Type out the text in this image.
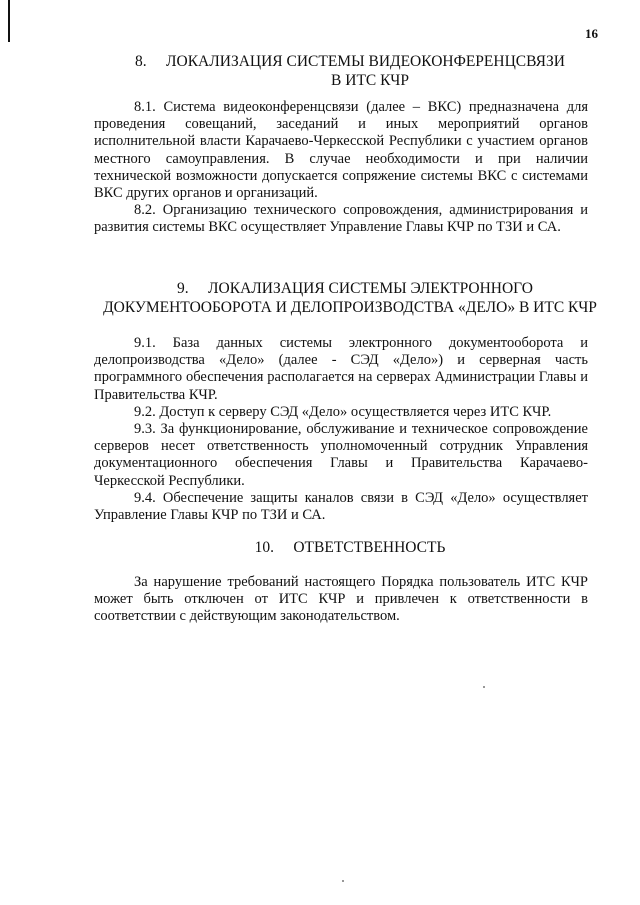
16
8.     ЛОКАЛИЗАЦИЯ СИСТЕМЫ ВИДЕОКОНФЕРЕНЦСВЯЗИ
В ИТС КЧР

8.1. Система видеоконференцсвязи (далее – ВКС) предназначена для проведения совещаний, заседаний и иных мероприятий органов исполнительной власти Карачаево-Черкесской Республики с участием органов местного самоуправления. В случае необходимости и при наличии технической возможности допускается сопряжение системы ВКС с системами ВКС других органов и организаций.

8.2. Организацию технического сопровождения, администрирования и развития системы ВКС осуществляет Управление Главы КЧР по ТЗИ и СА.

9.     ЛОКАЛИЗАЦИЯ СИСТЕМЫ ЭЛЕКТРОННОГО
ДОКУМЕНТООБОРОТА И ДЕЛОПРОИЗВОДСТВА «ДЕЛО» В ИТС КЧР

9.1. База данных системы электронного документооборота и делопроизводства «Дело» (далее - СЭД «Дело») и серверная часть программного обеспечения располагается на серверах Администрации Главы и Правительства КЧР.

9.2. Доступ к серверу СЭД «Дело» осуществляется через ИТС КЧР.

9.3. За функционирование, обслуживание и техническое сопровождение серверов несет ответственность уполномоченный сотрудник Управления документационного обеспечения Главы и Правительства Карачаево-Черкесской Республики.

9.4. Обеспечение защиты каналов связи в СЭД «Дело» осуществляет Управление Главы КЧР по ТЗИ и СА.

10.     ОТВЕТСТВЕННОСТЬ

За нарушение требований настоящего Порядка пользователь ИТС КЧР может быть отключен от ИТС КЧР и привлечен к ответственности в соответствии с действующим законодательством.
